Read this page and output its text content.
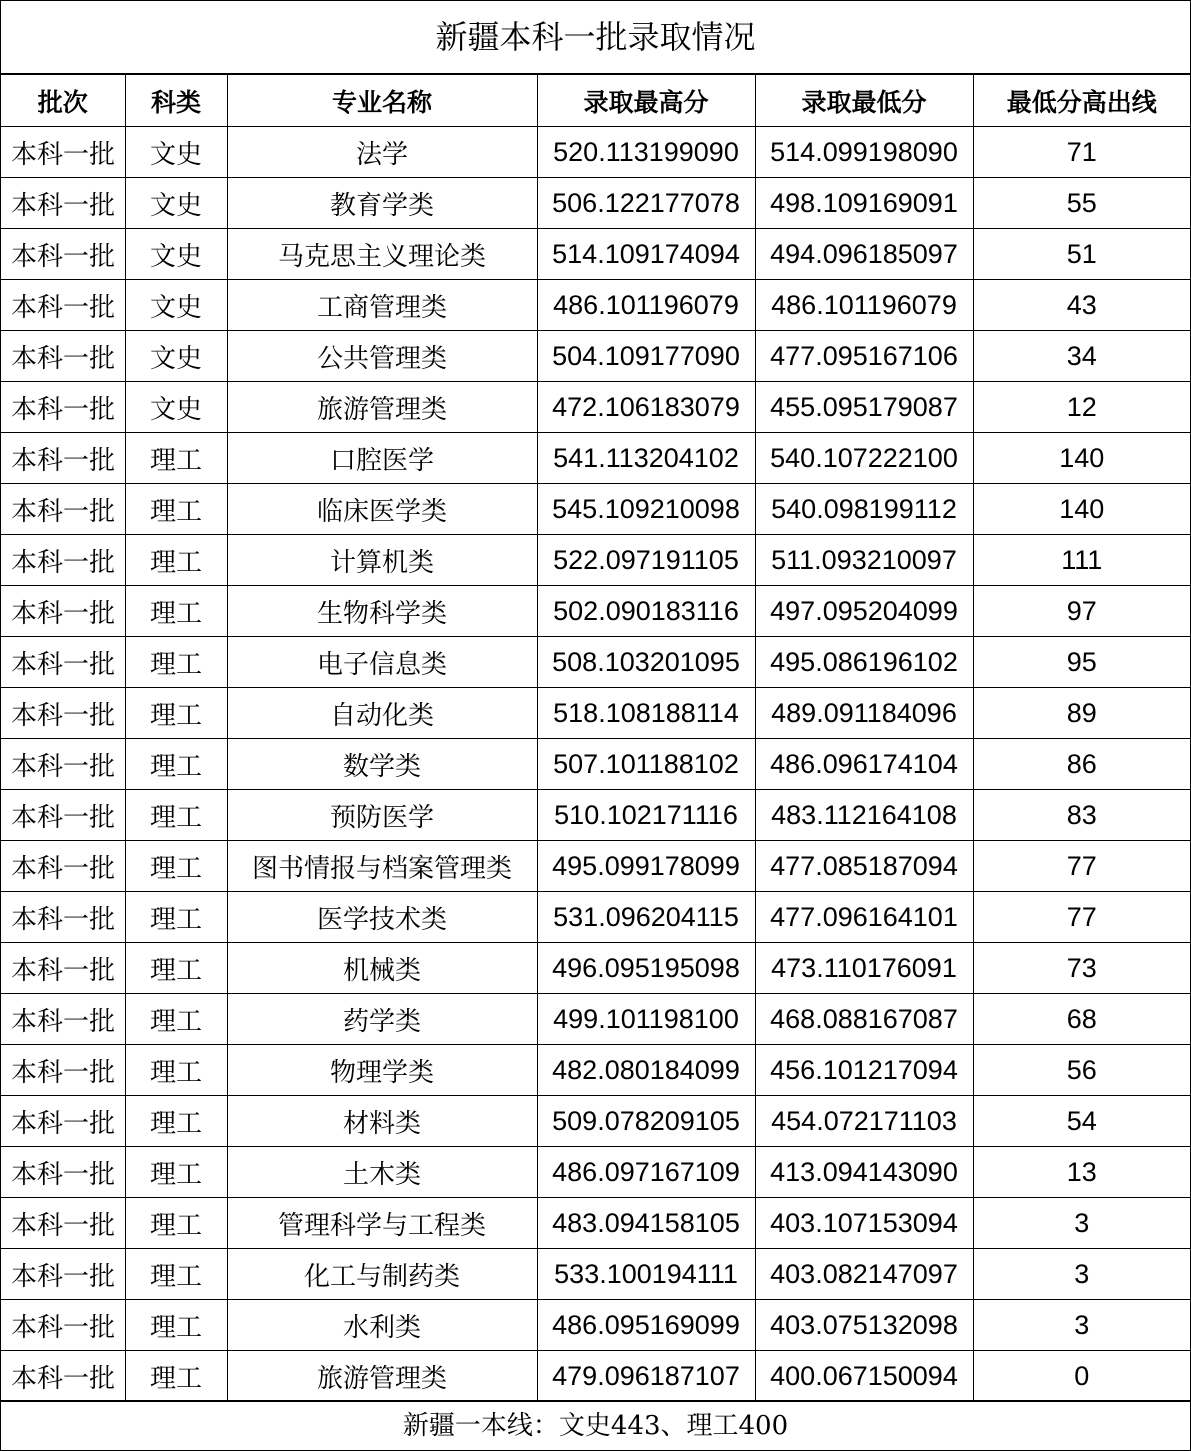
新疆本科一批录取情况
批次	科类	专业名称	录取最高分	录取最低分	最低分高出线
本科一批	文史	法学	520.113199090	514.099198090	71
本科一批	文史	教育学类	506.122177078	498.109169091	55
本科一批	文史	马克思主义理论类	514.109174094	494.096185097	51
本科一批	文史	工商管理类	486.101196079	486.101196079	43
本科一批	文史	公共管理类	504.109177090	477.095167106	34
本科一批	文史	旅游管理类	472.106183079	455.095179087	12
本科一批	理工	口腔医学	541.113204102	540.107222100	140
本科一批	理工	临床医学类	545.109210098	540.098199112	140
本科一批	理工	计算机类	522.097191105	511.093210097	111
本科一批	理工	生物科学类	502.090183116	497.095204099	97
本科一批	理工	电子信息类	508.103201095	495.086196102	95
本科一批	理工	自动化类	518.108188114	489.091184096	89
本科一批	理工	数学类	507.101188102	486.096174104	86
本科一批	理工	预防医学	510.102171116	483.112164108	83
本科一批	理工	图书情报与档案管理类	495.099178099	477.085187094	77
本科一批	理工	医学技术类	531.096204115	477.096164101	77
本科一批	理工	机械类	496.095195098	473.110176091	73
本科一批	理工	药学类	499.101198100	468.088167087	68
本科一批	理工	物理学类	482.080184099	456.101217094	56
本科一批	理工	材料类	509.078209105	454.072171103	54
本科一批	理工	土木类	486.097167109	413.094143090	13
本科一批	理工	管理科学与工程类	483.094158105	403.107153094	3
本科一批	理工	化工与制药类	533.100194111	403.082147097	3
本科一批	理工	水利类	486.095169099	403.075132098	3
本科一批	理工	旅游管理类	479.096187107	400.067150094	0
新疆一本线：文史443、理工400
